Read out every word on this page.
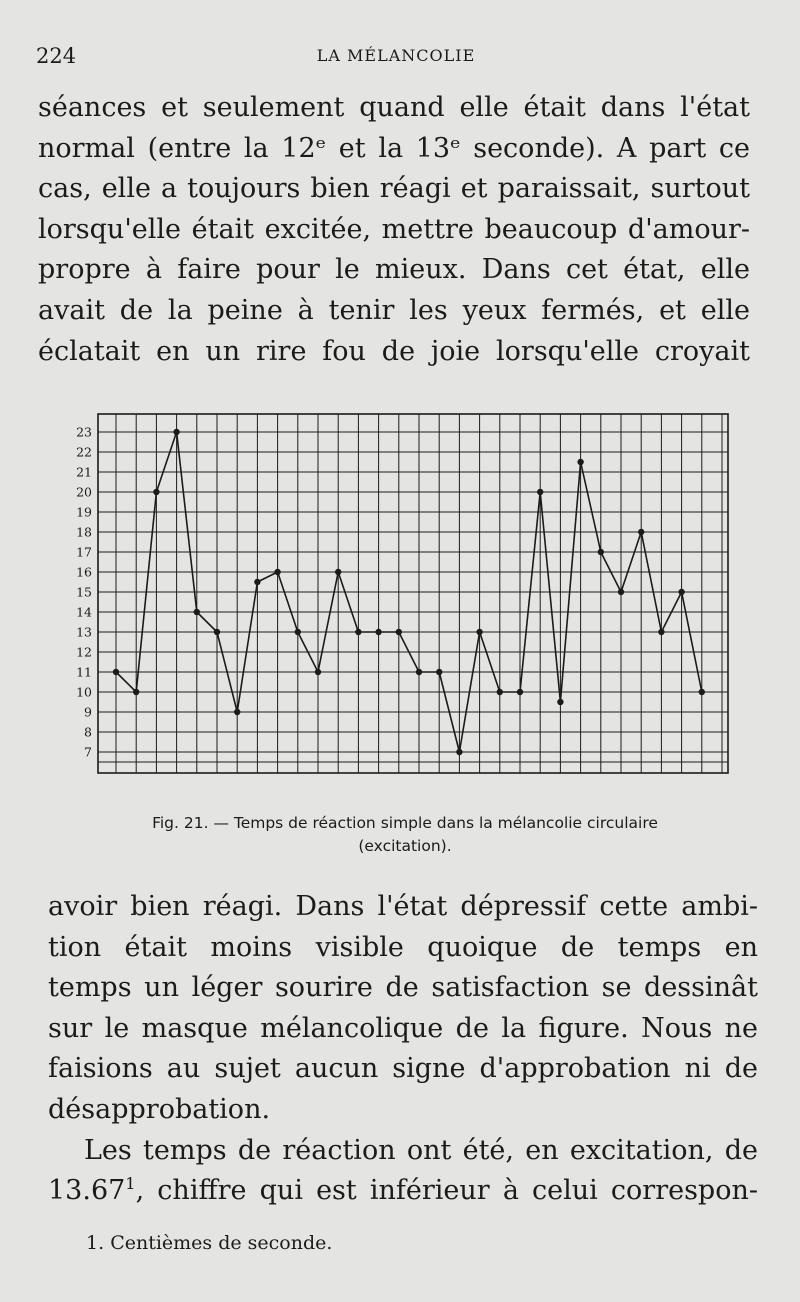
224	LA MÉLANCOLIE
séances et seulement quand elle était dans l'état
normal (entre la 12ᵉ et la 13ᵉ seconde). A part ce
cas, elle a toujours bien réagi et paraissait, surtout
lorsqu'elle était excitée, mettre beaucoup d'amour-
propre à faire pour le mieux. Dans cet état, elle
avait de la peine à tenir les yeux fermés, et elle
éclatait en un rire fou de joie lorsqu'elle croyait
23
22
21
20
19
18
17
16
15
14
13
12
11
10
9
8
7
Fig. 21. — Temps de réaction simple dans la mélancolie circulaire
(excitation).
avoir bien réagi. Dans l'état dépressif cette ambi-
tion était moins visible quoique de temps en
temps un léger sourire de satisfaction se dessinât
sur le masque mélancolique de la figure. Nous ne
faisions au sujet aucun signe d'approbation ni de
désapprobation.
Les temps de réaction ont été, en excitation, de
13.67$^1$, chiffre qui est inférieur à celui correspon-
1. Centièmes de seconde.
